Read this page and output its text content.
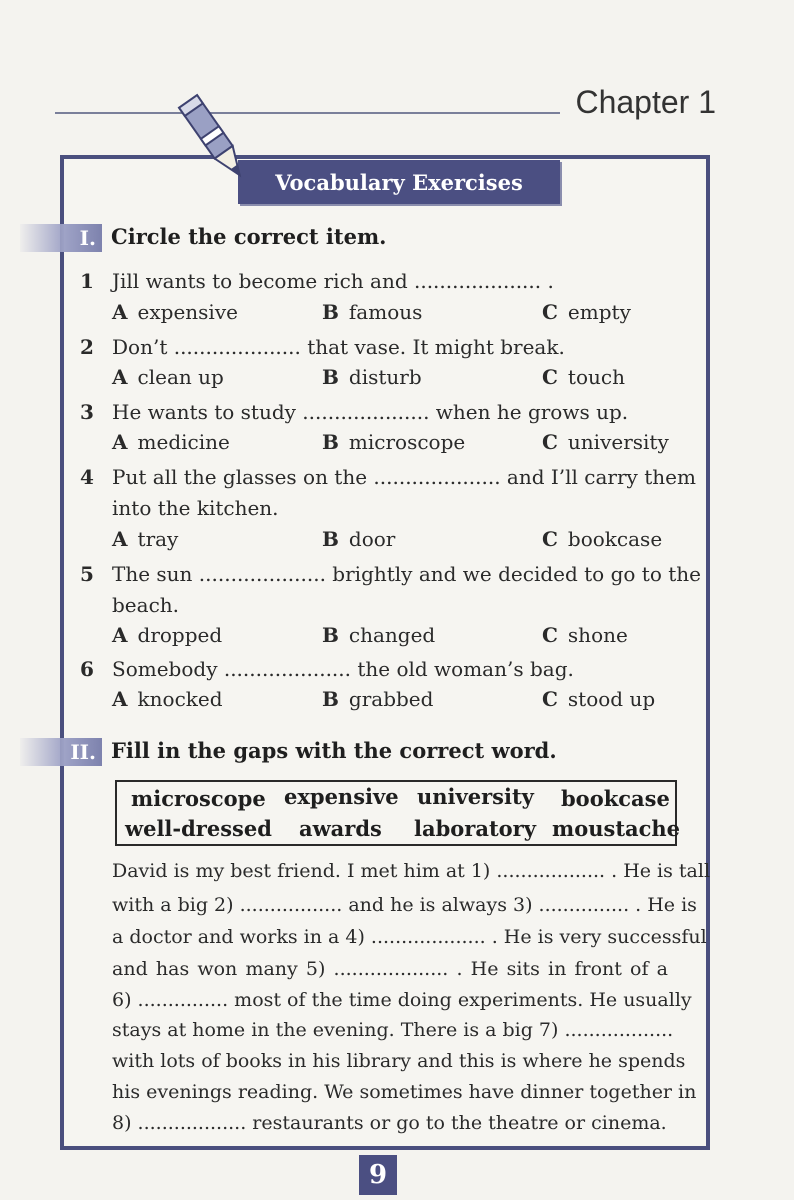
Chapter 1
Vocabulary Exercises
I. Circle the correct item.
1 Jill wants to become rich and .................... .
A expensive	B famous	C empty
2 Don’t .................... that vase. It might break.
A clean up	B disturb	C touch
3 He wants to study .................... when he grows up.
A medicine	B microscope	C university
4 Put all the glasses on the .................... and I’ll carry them
into the kitchen.
A tray	B door	C bookcase
5 The sun .................... brightly and we decided to go to the
beach.
A dropped	B changed	C shone
6 Somebody .................... the old woman’s bag.
A knocked	B grabbed	C stood up
II. Fill in the gaps with the correct word.
microscope expensive university bookcase
well-dressed awards laboratory moustache
David is my best friend. I met him at 1) .................. . He is tall
with a big 2) ................. and he is always 3) ............... . He is
a doctor and works in a 4) ................... . He is very successful
and has won many 5) ................... . He sits in front of a
6) ............... most of the time doing experiments. He usually
stays at home in the evening. There is a big 7) ..................
with lots of books in his library and this is where he spends
his evenings reading. We sometimes have dinner together in
8) .................. restaurants or go to the theatre or cinema.
9
